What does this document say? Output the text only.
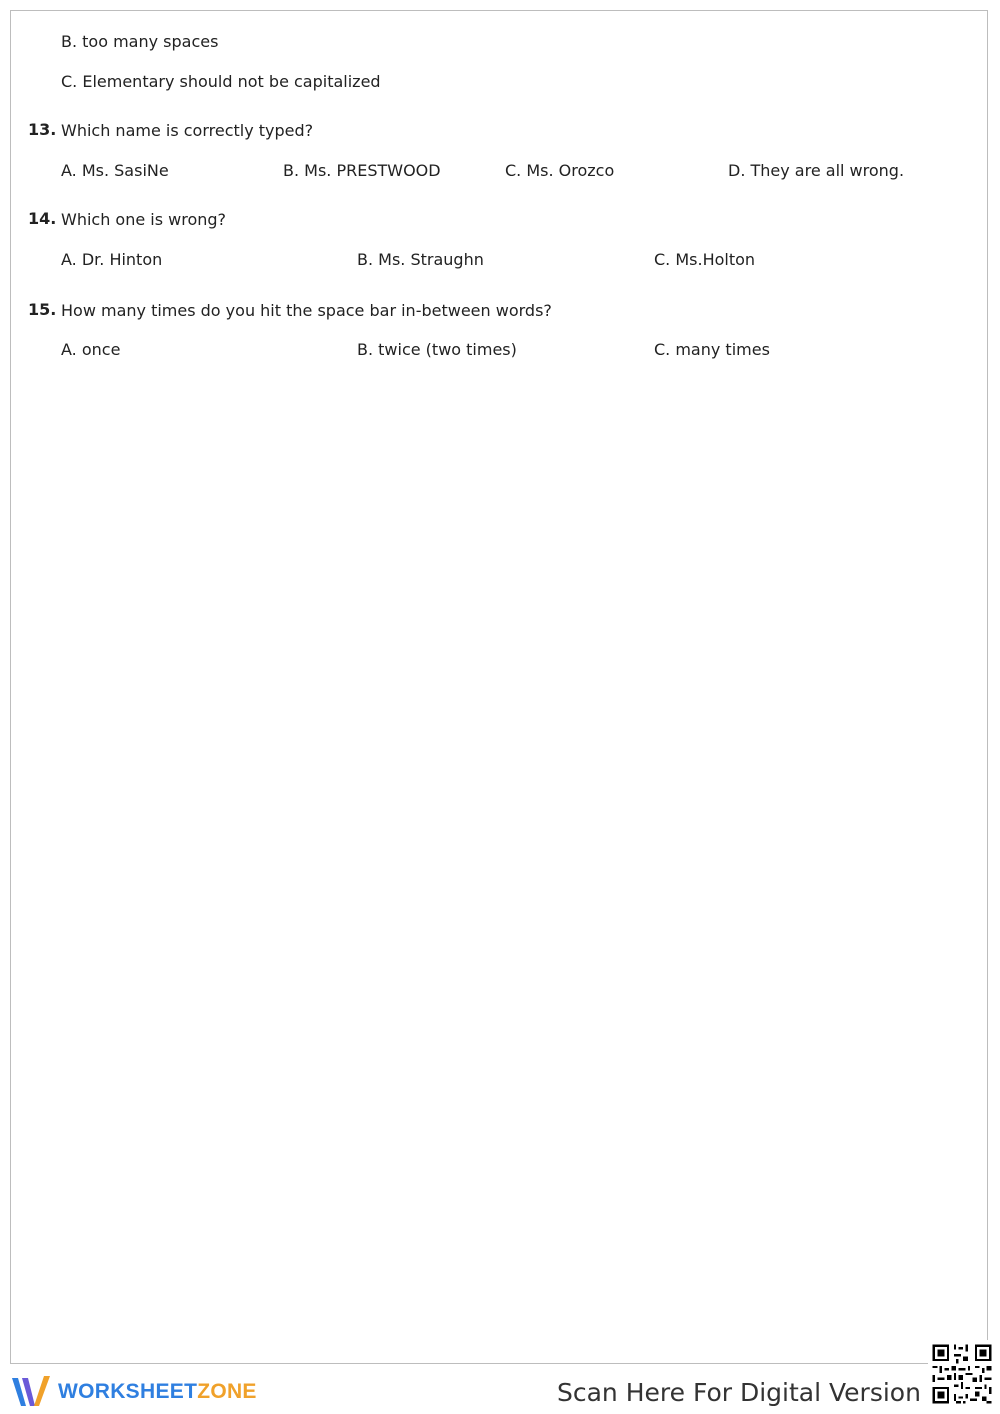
B. too many spaces
C. Elementary should not be capitalized
13. Which name is correctly typed?
A. Ms. SasiNe	B. Ms. PRESTWOOD	C. Ms. Orozco	D. They are all wrong.
14. Which one is wrong?
A. Dr. Hinton	B. Ms. Straughn	C. Ms.Holton
15. How many times do you hit the space bar in-between words?
A. once	B. twice (two times)	C. many times
WORKSHEETZONE	Scan Here For Digital Version
